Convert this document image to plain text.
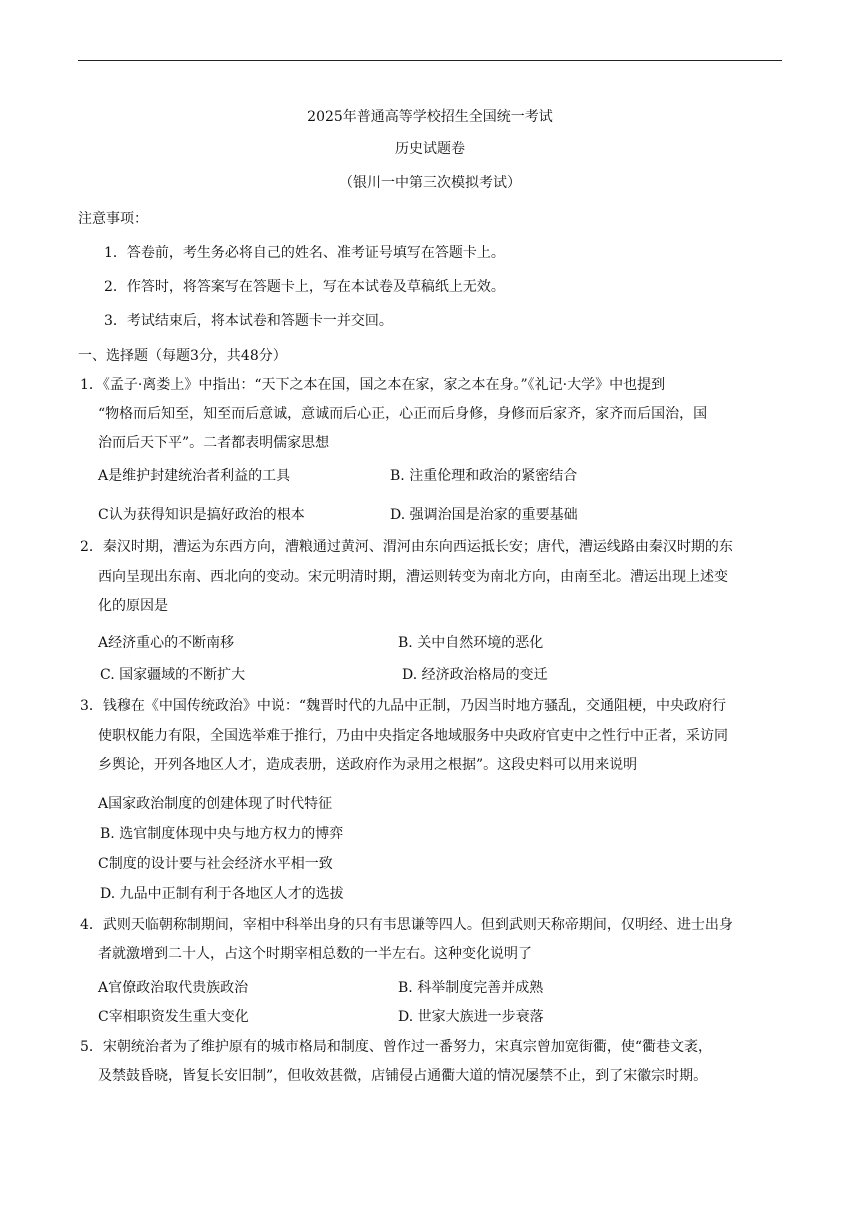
2025年普通高等学校招生全国统一考试
历史试题卷
（银川一中第三次模拟考试）
注意事项：
1．答卷前，考生务必将自己的姓名、准考证号填写在答题卡上。
2．作答时，将答案写在答题卡上，写在本试卷及草稿纸上无效。
3．考试结束后，将本试卷和答题卡一并交回。
一、选择题（每题3分，共48分）
1．《孟子·离娄上》中指出：“天下之本在国，国之本在家，家之本在身。”《礼记·大学》中也提到
“物格而后知至，知至而后意诚，意诚而后心正，心正而后身修，身修而后家齐，家齐而后国治，国
治而后天下平”。二者都表明儒家思想
A是维护封建统治者利益的工具	B. 注重伦理和政治的紧密结合
C认为获得知识是搞好政治的根本	D. 强调治国是治家的重要基础
2．秦汉时期，漕运为东西方向，漕粮通过黄河、渭河由东向西运抵长安；唐代，漕运线路由秦汉时期的东
西向呈现出东南、西北向的变动。宋元明清时期，漕运则转变为南北方向，由南至北。漕运出现上述变
化的原因是
A经济重心的不断南移	B. 关中自然环境的恶化
C. 国家疆域的不断扩大	D. 经济政治格局的变迁
3．钱穆在《中国传统政治》中说：“魏晋时代的九品中正制，乃因当时地方骚乱，交通阻梗，中央政府行
使职权能力有限，全国选举难于推行，乃由中央指定各地域服务中央政府官吏中之性行中正者，采访同
乡舆论，开列各地区人才，造成表册，送政府作为录用之根据”。这段史料可以用来说明
A国家政治制度的创建体现了时代特征
B. 选官制度体现中央与地方权力的博弈
C制度的设计要与社会经济水平相一致
D. 九品中正制有利于各地区人才的选拔
4．武则天临朝称制期间，宰相中科举出身的只有韦思谦等四人。但到武则天称帝期间，仅明经、进士出身
者就激增到二十人，占这个时期宰相总数的一半左右。这种变化说明了
A官僚政治取代贵族政治	B. 科举制度完善并成熟
C宰相职资发生重大变化	D. 世家大族进一步衰落
5．宋朝统治者为了维护原有的城市格局和制度、曾作过一番努力，宋真宗曾加宽街衢，使“衢巷文袤，
及禁鼓昏晓，皆复长安旧制”，但收效甚微，店铺侵占通衢大道的情况屡禁不止，到了宋徽宗时期。
